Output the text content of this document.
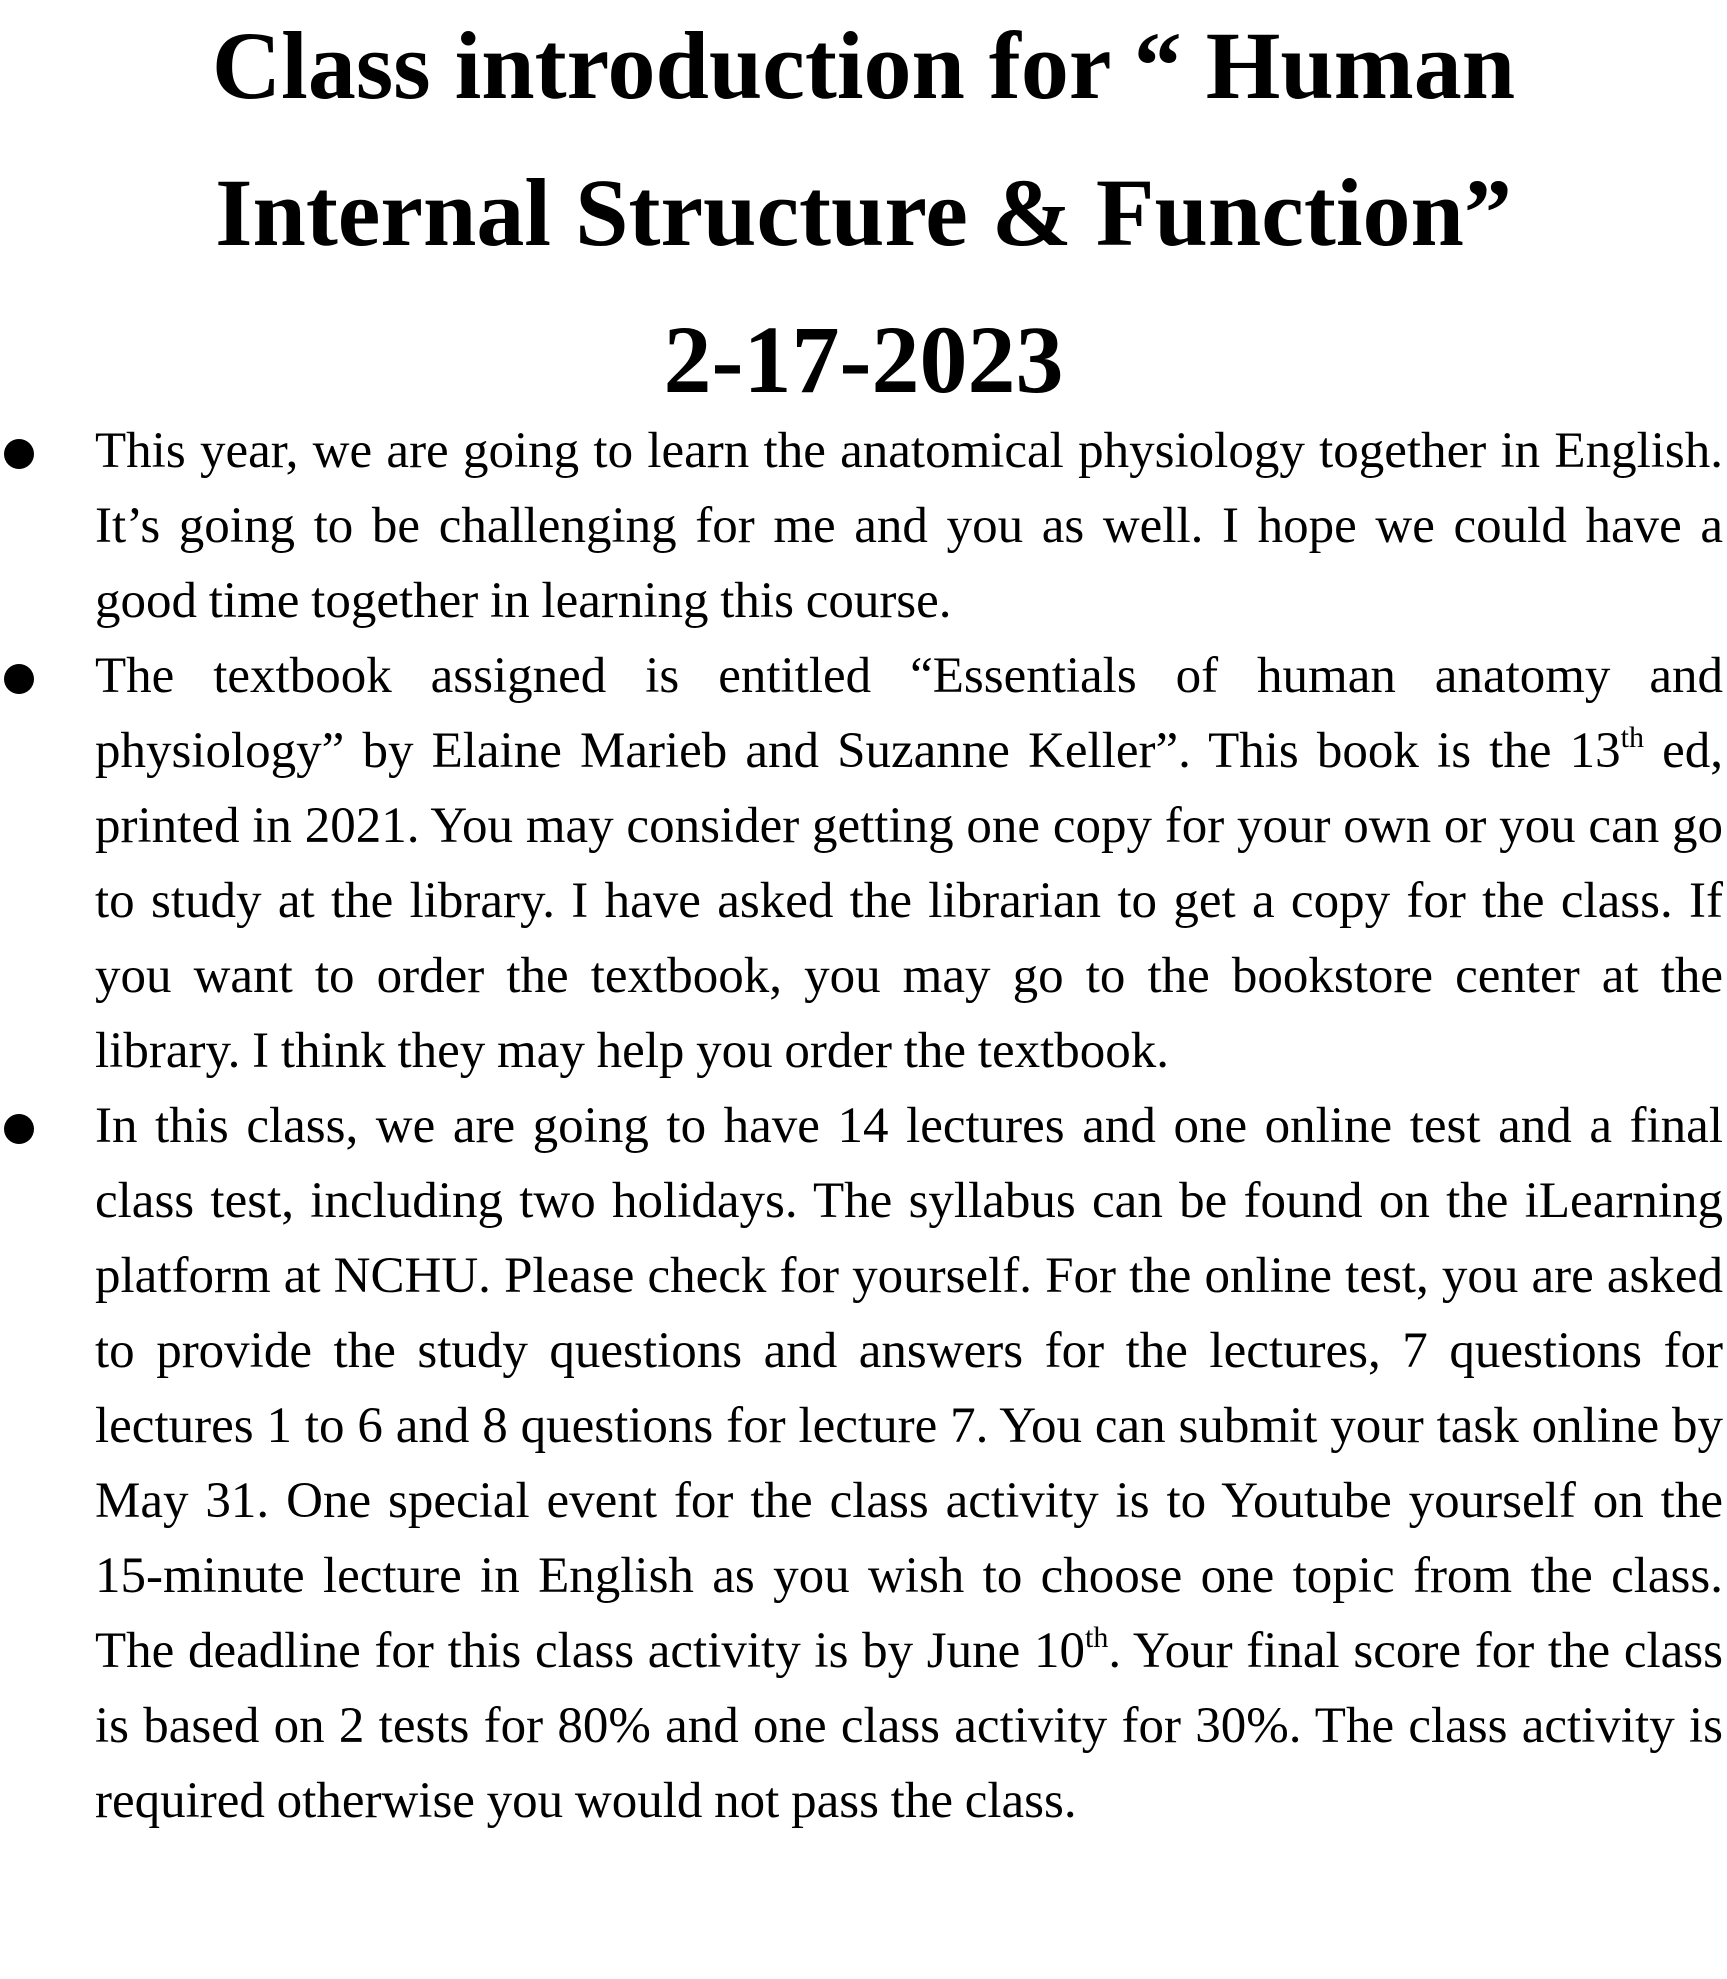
Class introduction for “ Human
Internal Structure & Function”
2-17-2023

This year, we are going to learn the anatomical physiology together in English. It’s going to be challenging for me and you as well. I hope we could have a good time together in learning this course.

The textbook assigned is entitled “Essentials of human anatomy and physiology” by Elaine Marieb and Suzanne Keller”. This book is the 13th ed, printed in 2021. You may consider getting one copy for your own or you can go to study at the library. I have asked the librarian to get a copy for the class. If you want to order the textbook, you may go to the bookstore center at the library. I think they may help you order the textbook.

In this class, we are going to have 14 lectures and one online test and a final class test, including two holidays. The syllabus can be found on the iLearning platform at NCHU. Please check for yourself. For the online test, you are asked to provide the study questions and answers for the lectures, 7 questions for lectures 1 to 6 and 8 questions for lecture 7. You can submit your task online by May 31. One special event for the class activity is to Youtube yourself on the 15-minute lecture in English as you wish to choose one topic from the class. The deadline for this class activity is by June 10th. Your final score for the class is based on 2 tests for 80% and one class activity for 30%. The class activity is required otherwise you would not pass the class.
